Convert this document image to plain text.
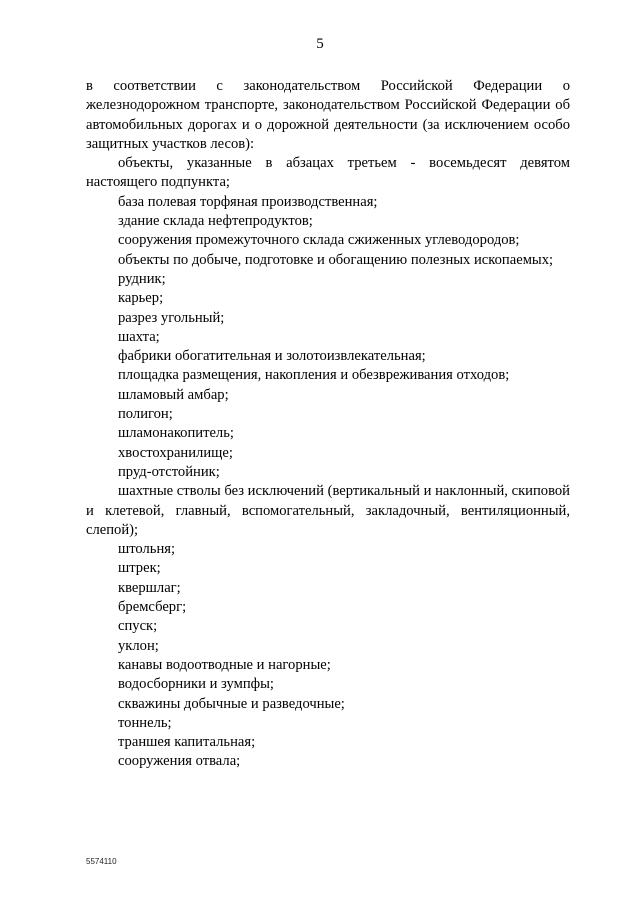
5

в соответствии с законодательством Российской Федерации о железнодорожном транспорте, законодательством Российской Федерации об автомобильных дорогах и о дорожной деятельности (за исключением особо защитных участков лесов):

объекты, указанные в абзацах третьем - восемьдесят девятом настоящего подпункта;

база полевая торфяная производственная;

здание склада нефтепродуктов;

сооружения промежуточного склада сжиженных углеводородов;

объекты по добыче, подготовке и обогащению полезных ископаемых;

рудник;

карьер;

разрез угольный;

шахта;

фабрики обогатительная и золотоизвлекательная;

площадка размещения, накопления и обезвреживания отходов;

шламовый амбар;

полигон;

шламонакопитель;

хвостохранилище;

пруд-отстойник;

шахтные стволы без исключений (вертикальный и наклонный, скиповой и клетевой, главный, вспомогательный, закладочный, вентиляционный, слепой);

штольня;

штрек;

квершлаг;

бремсберг;

спуск;

уклон;

канавы водоотводные и нагорные;

водосборники и зумпфы;

скважины добычные и разведочные;

тоннель;

траншея капитальная;

сооружения отвала;

5574110
